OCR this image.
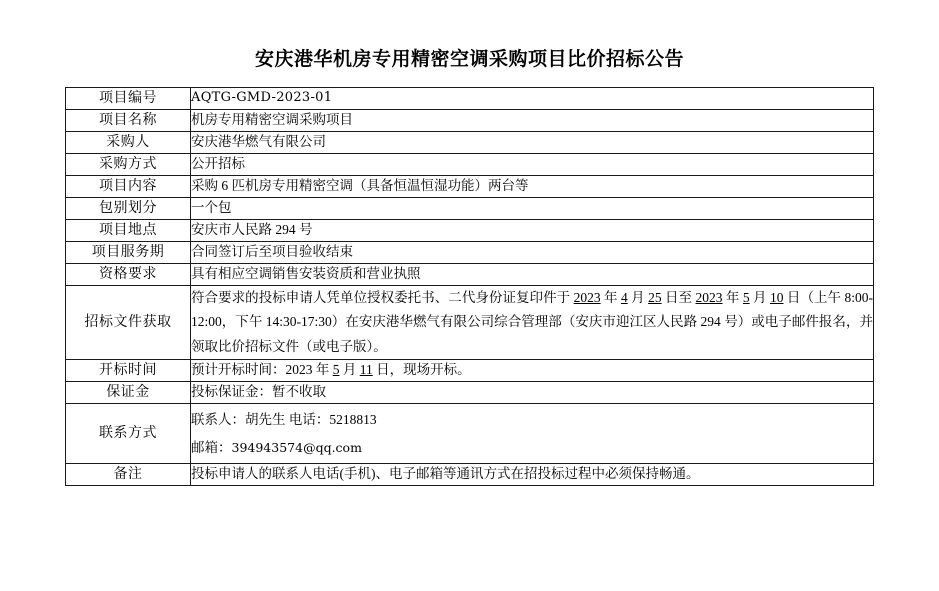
安庆港华机房专用精密空调采购项目比价招标公告
项目编号	AQTG-GMD-2023-01
项目名称	机房专用精密空调采购项目
采购人	安庆港华燃气有限公司
采购方式	公开招标
项目内容	采购 6 匹机房专用精密空调（具备恒温恒湿功能）两台等
包别划分	一个包
项目地点	安庆市人民路 294 号
项目服务期	合同签订后至项目验收结束
资格要求	具有相应空调销售安装资质和营业执照
招标文件获取	符合要求的投标申请人凭单位授权委托书、二代身份证复印件于 2023 年 4 月 25 日至 2023 年 5 月 10 日（上午 8:00-12:00，下午 14:30-17:30）在安庆港华燃气有限公司综合管理部（安庆市迎江区人民路 294 号）或电子邮件报名，并领取比价招标文件（或电子版）。

开标时间	预计开标时间：2023 年 5 月 11 日，现场开标。

保证金	投标保证金：暂不收取
联系方式	联系人：胡先生 电话：5218813
邮箱：394943574@qq.com

备注	投标申请人的联系人电话(手机)、电子邮箱等通讯方式在招投标过程中必须保持畅通。
